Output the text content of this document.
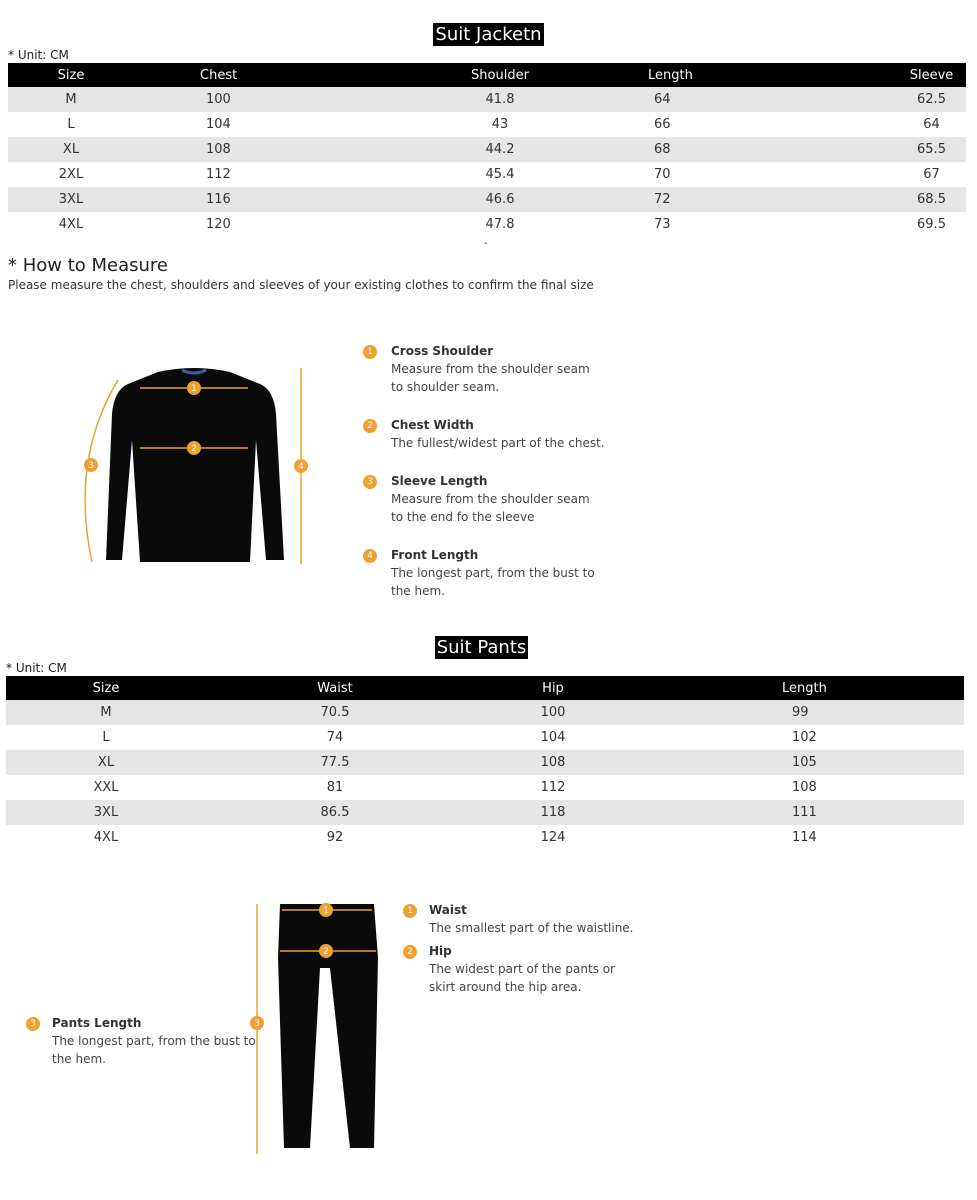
Suit Jacketn
* Unit: CM
Size	Chest	Shoulder	Length	Sleeve
M	100	41.8	64	62.5
L	104	43	66	64
XL	108	44.2	68	65.5
2XL	112	45.4	70	67
3XL	116	46.6	72	68.5
4XL	120	47.8	73	69.5
-
* How to Measure
Please measure the chest, shoulders and sleeves of your existing clothes to confirm the final size
1
2
3	4
1	Cross Shoulder
Measure from the shoulder seam
to shoulder seam.
2	Chest Width
The fullest/widest part of the chest.
3	Sleeve Length
Measure from the shoulder seam
to the end fo the sleeve
4	Front Length
The longest part, from the bust to
the hem.
Suit Pants
* Unit: CM
Size	Waist	Hip	Length
M	70.5	100	99
L	74	104	102
XL	77.5	108	105
XXL	81	112	108
3XL	86.5	118	111
4XL	92	124	114
1
2
3
1	Waist
The smallest part of the waistline.
2	Hip
The widest part of the pants or
skirt around the hip area.
3	Pants Length
The longest part, from the bust to
the hem.
